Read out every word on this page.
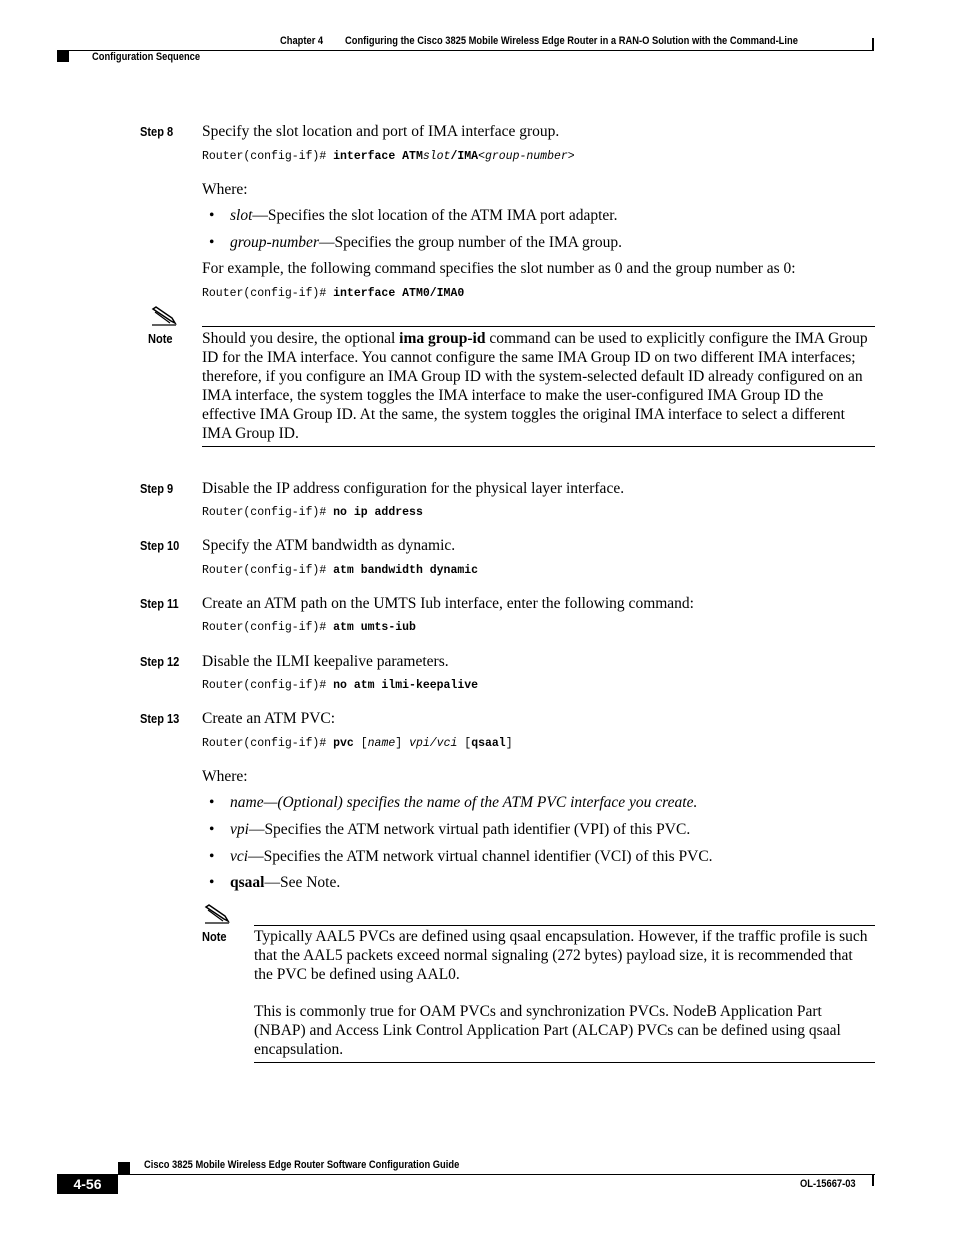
Chapter 4 Configuring the Cisco 3825 Mobile Wireless Edge Router in a RAN-O Solution with the Command-Line
Configuration Sequence
Step 8 Specify the slot location and port of IMA interface group.
Router(config-if)# interface ATMslot/IMA<group-number>
Where:
• slot—Specifies the slot location of the ATM IMA port adapter.
• group-number—Specifies the group number of the IMA group.
For example, the following command specifies the slot number as 0 and the group number as 0:
Router(config-if)# interface ATM0/IMA0
Note Should you desire, the optional ima group-id command can be used to explicitly configure the IMA Group ID for the IMA interface. You cannot configure the same IMA Group ID on two different IMA interfaces; therefore, if you configure an IMA Group ID with the system-selected default ID already configured on an IMA interface, the system toggles the IMA interface to make the user-configured IMA Group ID the effective IMA Group ID. At the same, the system toggles the original IMA interface to select a different IMA Group ID.
Step 9 Disable the IP address configuration for the physical layer interface.
Router(config-if)# no ip address
Step 10 Specify the ATM bandwidth as dynamic.
Router(config-if)# atm bandwidth dynamic
Step 11 Create an ATM path on the UMTS Iub interface, enter the following command:
Router(config-if)# atm umts-iub
Step 12 Disable the ILMI keepalive parameters.
Router(config-if)# no atm ilmi-keepalive
Step 13 Create an ATM PVC:
Router(config-if)# pvc [name] vpi/vci [qsaal]
Where:
• name—(Optional) specifies the name of the ATM PVC interface you create.
• vpi—Specifies the ATM network virtual path identifier (VPI) of this PVC.
• vci—Specifies the ATM network virtual channel identifier (VCI) of this PVC.
• qsaal—See Note.
Note Typically AAL5 PVCs are defined using qsaal encapsulation. However, if the traffic profile is such that the AAL5 packets exceed normal signaling (272 bytes) payload size, it is recommended that the PVC be defined using AAL0.
This is commonly true for OAM PVCs and synchronization PVCs. NodeB Application Part (NBAP) and Access Link Control Application Part (ALCAP) PVCs can be defined using qsaal encapsulation.
Cisco 3825 Mobile Wireless Edge Router Software Configuration Guide
4-56	OL-15667-03
